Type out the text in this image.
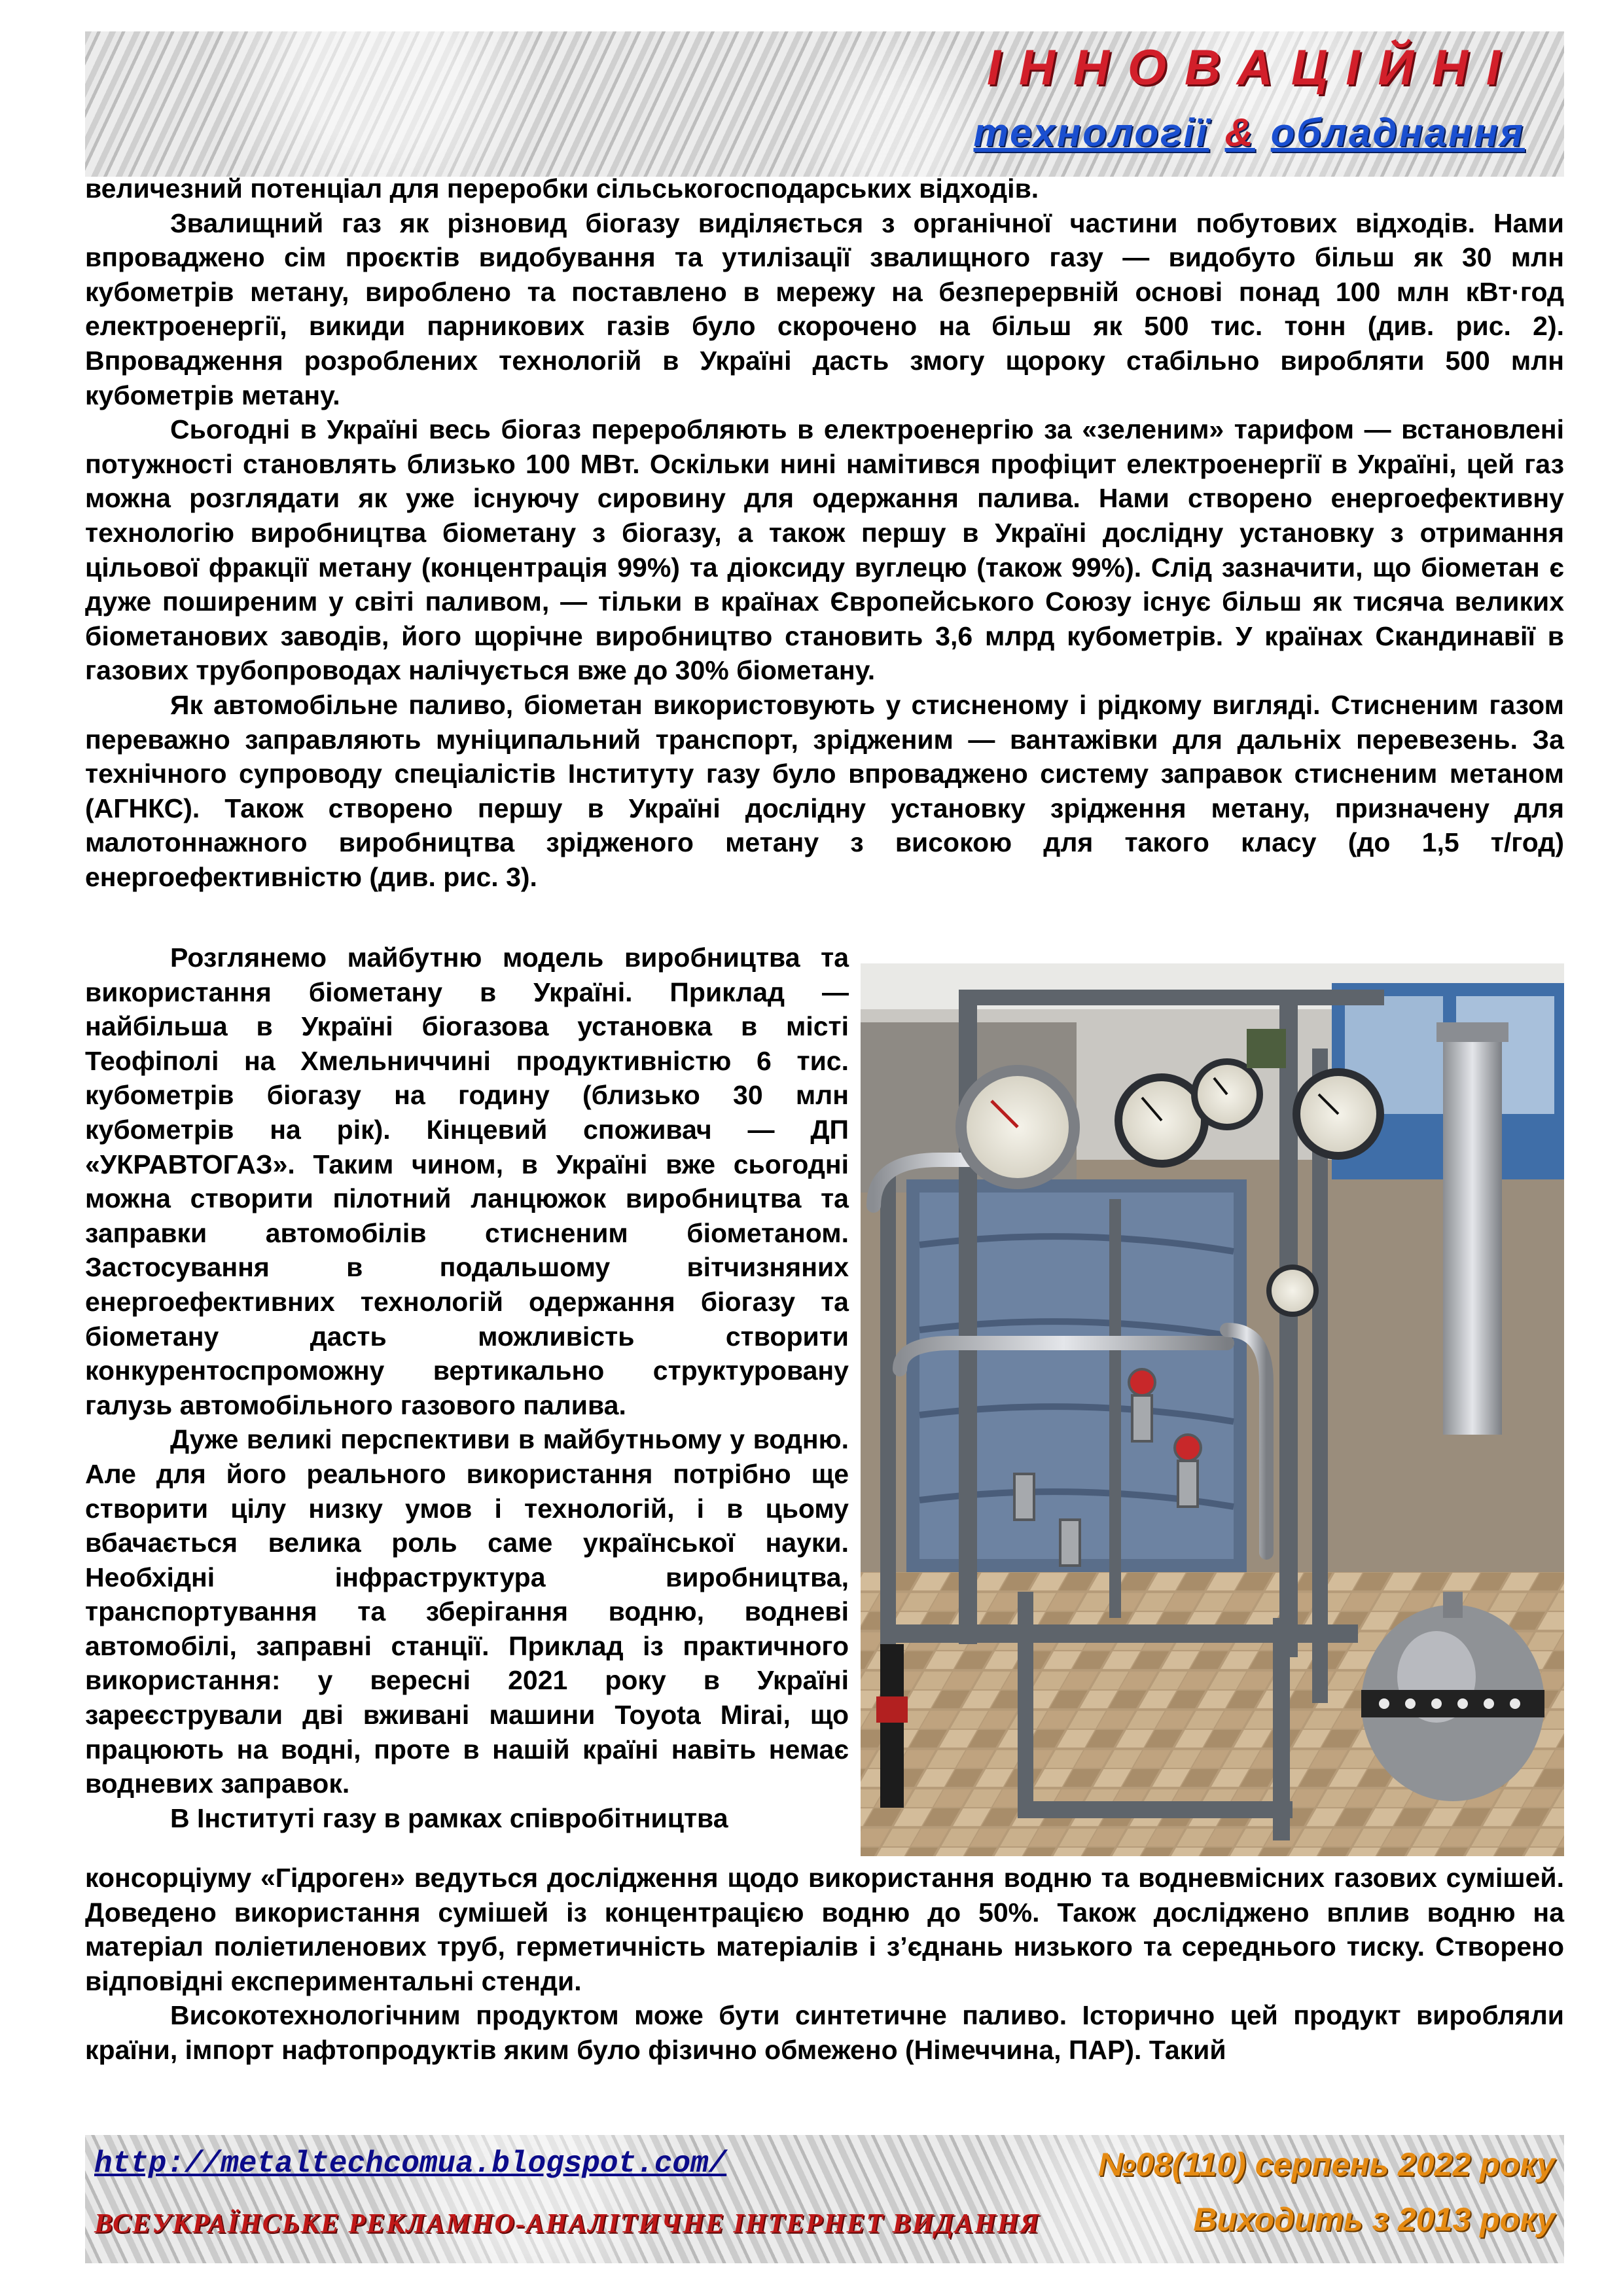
ІННОВАЦІЙНІ
технології & обладнання

величезний потенціал для переробки сільськогосподарських відходів.

Звалищний газ як різновид біогазу виділяється з органічної частини побутових відходів. Нами впроваджено сім проєктів видобування та утилізації звалищного газу — видобуто більш як 30 млн кубометрів метану, вироблено та поставлено в мережу на безперервній основі понад 100 млн кВт·год електроенергії, викиди парникових газів було скорочено на більш як 500 тис. тонн (див. рис. 2). Впровадження розроблених технологій в Україні дасть змогу щороку стабільно виробляти 500 млн кубометрів метану.

Сьогодні в Україні весь біогаз переробляють в електроенергію за «зеленим» тарифом — встановлені потужності становлять близько 100 МВт. Оскільки нині намітився профіцит електроенергії в Україні, цей газ можна розглядати як уже існуючу сировину для одержання палива. Нами створено енергоефективну технологію виробництва біометану з біогазу, а також першу в Україні дослідну установку з отримання цільової фракції метану (концентрація 99%) та діоксиду вуглецю (також 99%). Слід зазначити, що біометан є дуже поширеним у світі паливом, — тільки в країнах Європейського Союзу існує більш як тисяча великих біометанових заводів, його щорічне виробництво становить 3,6 млрд кубометрів. У країнах Скандинавії в газових трубопроводах налічується вже до 30% біометану.

Як автомобільне паливо, біометан використовують у стисненому і рідкому вигляді. Стисненим газом переважно заправляють муніципальний транспорт, зрідженим — вантажівки для дальніх перевезень. За технічного супроводу спеціалістів Інституту газу було впроваджено систему заправок стисненим метаном (АГНКС). Також створено першу в Україні дослідну установку зрідження метану, призначену для малотоннажного виробництва зрідженого метану з високою для такого класу (до 1,5 т/год) енергоефективністю (див. рис. 3).

Розглянемо майбутню модель виробництва та використання біометану в Україні. Приклад — найбільша в Україні біогазова установка в місті Теофіполі на Хмельниччині продуктивністю 6 тис. кубометрів біогазу на годину (близько 30 млн кубометрів на рік). Кінцевий споживач — ДП «УКРАВТОГАЗ». Таким чином, в Україні вже сьогодні можна створити пілотний ланцюжок виробництва та заправки автомобілів стисненим біометаном. Застосування в подальшому вітчизняних енергоефективних технологій одержання біогазу та біометану дасть можливість створити конкурентоспроможну вертикально структуровану галузь автомобільного газового палива.

Дуже великі перспективи в майбутньому у водню. Але для його реального використання потрібно ще створити цілу низку умов і технологій, і в цьому вбачається велика роль саме української науки. Необхідні інфраструктура виробництва, транспортування та зберігання водню, водневі автомобілі, заправні станції. Приклад із практичного використання: у вересні 2021 року в Україні зареєстрували дві вживані машини Toyota Mirai, що працюють на водні, проте в нашій країні навіть немає водневих заправок.

В Інституті газу в рамках співробітництва

консорціуму «Гідроген» ведуться дослідження щодо використання водню та водневмісних газових сумішей. Доведено використання сумішей із концентрацією водню до 50%. Також досліджено вплив водню на матеріал поліетиленових труб, герметичність матеріалів і з’єднань низького та середнього тиску. Створено відповідні експериментальні стенди.

Високотехнологічним продуктом може бути синтетичне паливо. Історично цей продукт виробляли країни, імпорт нафтопродуктів яким було фізично обмежено (Німеччина, ПАР). Такий

http://metaltechcomua.blogspot.com/
ВСЕУКРАЇНСЬКЕ РЕКЛАМНО-АНАЛІТИЧНЕ ІНТЕРНЕТ ВИДАННЯ
№08(110) серпень 2022 року
Виходить з 2013 року
